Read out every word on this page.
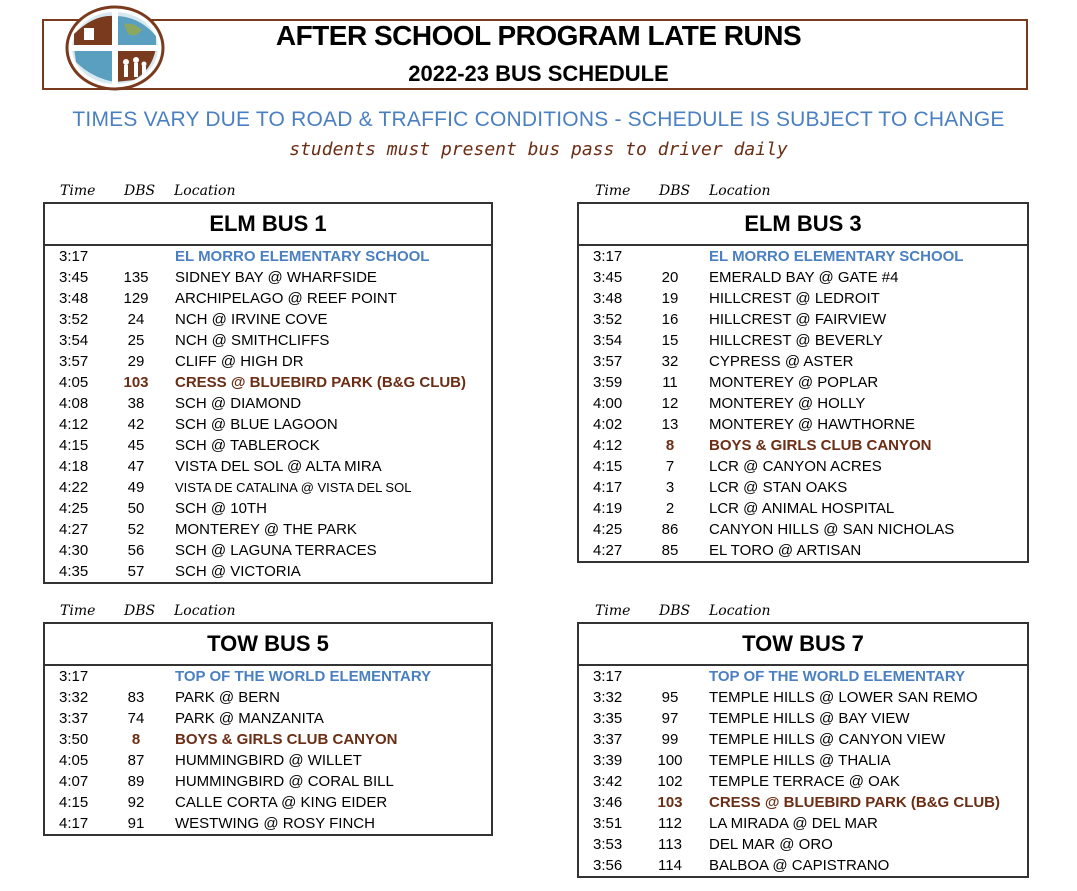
AFTER SCHOOL PROGRAM LATE RUNS
2022-23 BUS SCHEDULE
TIMES VARY DUE TO ROAD & TRAFFIC CONDITIONS - SCHEDULE IS SUBJECT TO CHANGE
students must present bus pass to driver daily
Time DBS Location	Time DBS Location
Time DBS Location	Time DBS Location
ELM BUS 1
3:17	EL MORRO ELEMENTARY SCHOOL
3:45	135	SIDNEY BAY @ WHARFSIDE
3:48	129	ARCHIPELAGO @ REEF POINT
3:52	24	NCH @ IRVINE COVE
3:54	25	NCH @ SMITHCLIFFS
3:57	29	CLIFF @ HIGH DR
4:05	103	CRESS @ BLUEBIRD PARK (B&G CLUB)
4:08	38	SCH @ DIAMOND
4:12	42	SCH @ BLUE LAGOON
4:15	45	SCH @ TABLEROCK
4:18	47	VISTA DEL SOL @ ALTA MIRA
4:22	49	VISTA DE CATALINA @ VISTA DEL SOL
4:25	50	SCH @ 10TH
4:27	52	MONTEREY @ THE PARK
4:30	56	SCH @ LAGUNA TERRACES
4:35	57	SCH @ VICTORIA
ELM BUS 3
3:17	EL MORRO ELEMENTARY SCHOOL
3:45	20	EMERALD BAY @ GATE #4
3:48	19	HILLCREST @ LEDROIT
3:52	16	HILLCREST @ FAIRVIEW
3:54	15	HILLCREST @ BEVERLY
3:57	32	CYPRESS @ ASTER
3:59	11	MONTEREY @ POPLAR
4:00	12	MONTEREY @ HOLLY
4:02	13	MONTEREY @ HAWTHORNE
4:12	8	BOYS & GIRLS CLUB CANYON
4:15	7	LCR @ CANYON ACRES
4:17	3	LCR @ STAN OAKS
4:19	2	LCR @ ANIMAL HOSPITAL
4:25	86	CANYON HILLS @ SAN NICHOLAS
4:27	85	EL TORO @ ARTISAN
TOW BUS 5
3:17	TOP OF THE WORLD ELEMENTARY
3:32	83	PARK @ BERN
3:37	74	PARK @ MANZANITA
3:50	8	BOYS & GIRLS CLUB CANYON
4:05	87	HUMMINGBIRD @ WILLET
4:07	89	HUMMINGBIRD @ CORAL BILL
4:15	92	CALLE CORTA @ KING EIDER
4:17	91	WESTWING @ ROSY FINCH
TOW BUS 7
3:17	TOP OF THE WORLD ELEMENTARY
3:32	95	TEMPLE HILLS @ LOWER SAN REMO
3:35	97	TEMPLE HILLS @ BAY VIEW
3:37	99	TEMPLE HILLS @ CANYON VIEW
3:39	100	TEMPLE HILLS @ THALIA
3:42	102	TEMPLE TERRACE @ OAK
3:46	103	CRESS @ BLUEBIRD PARK (B&G CLUB)
3:51	112	LA MIRADA @ DEL MAR
3:53	113	DEL MAR @ ORO
3:56	114	BALBOA @ CAPISTRANO
